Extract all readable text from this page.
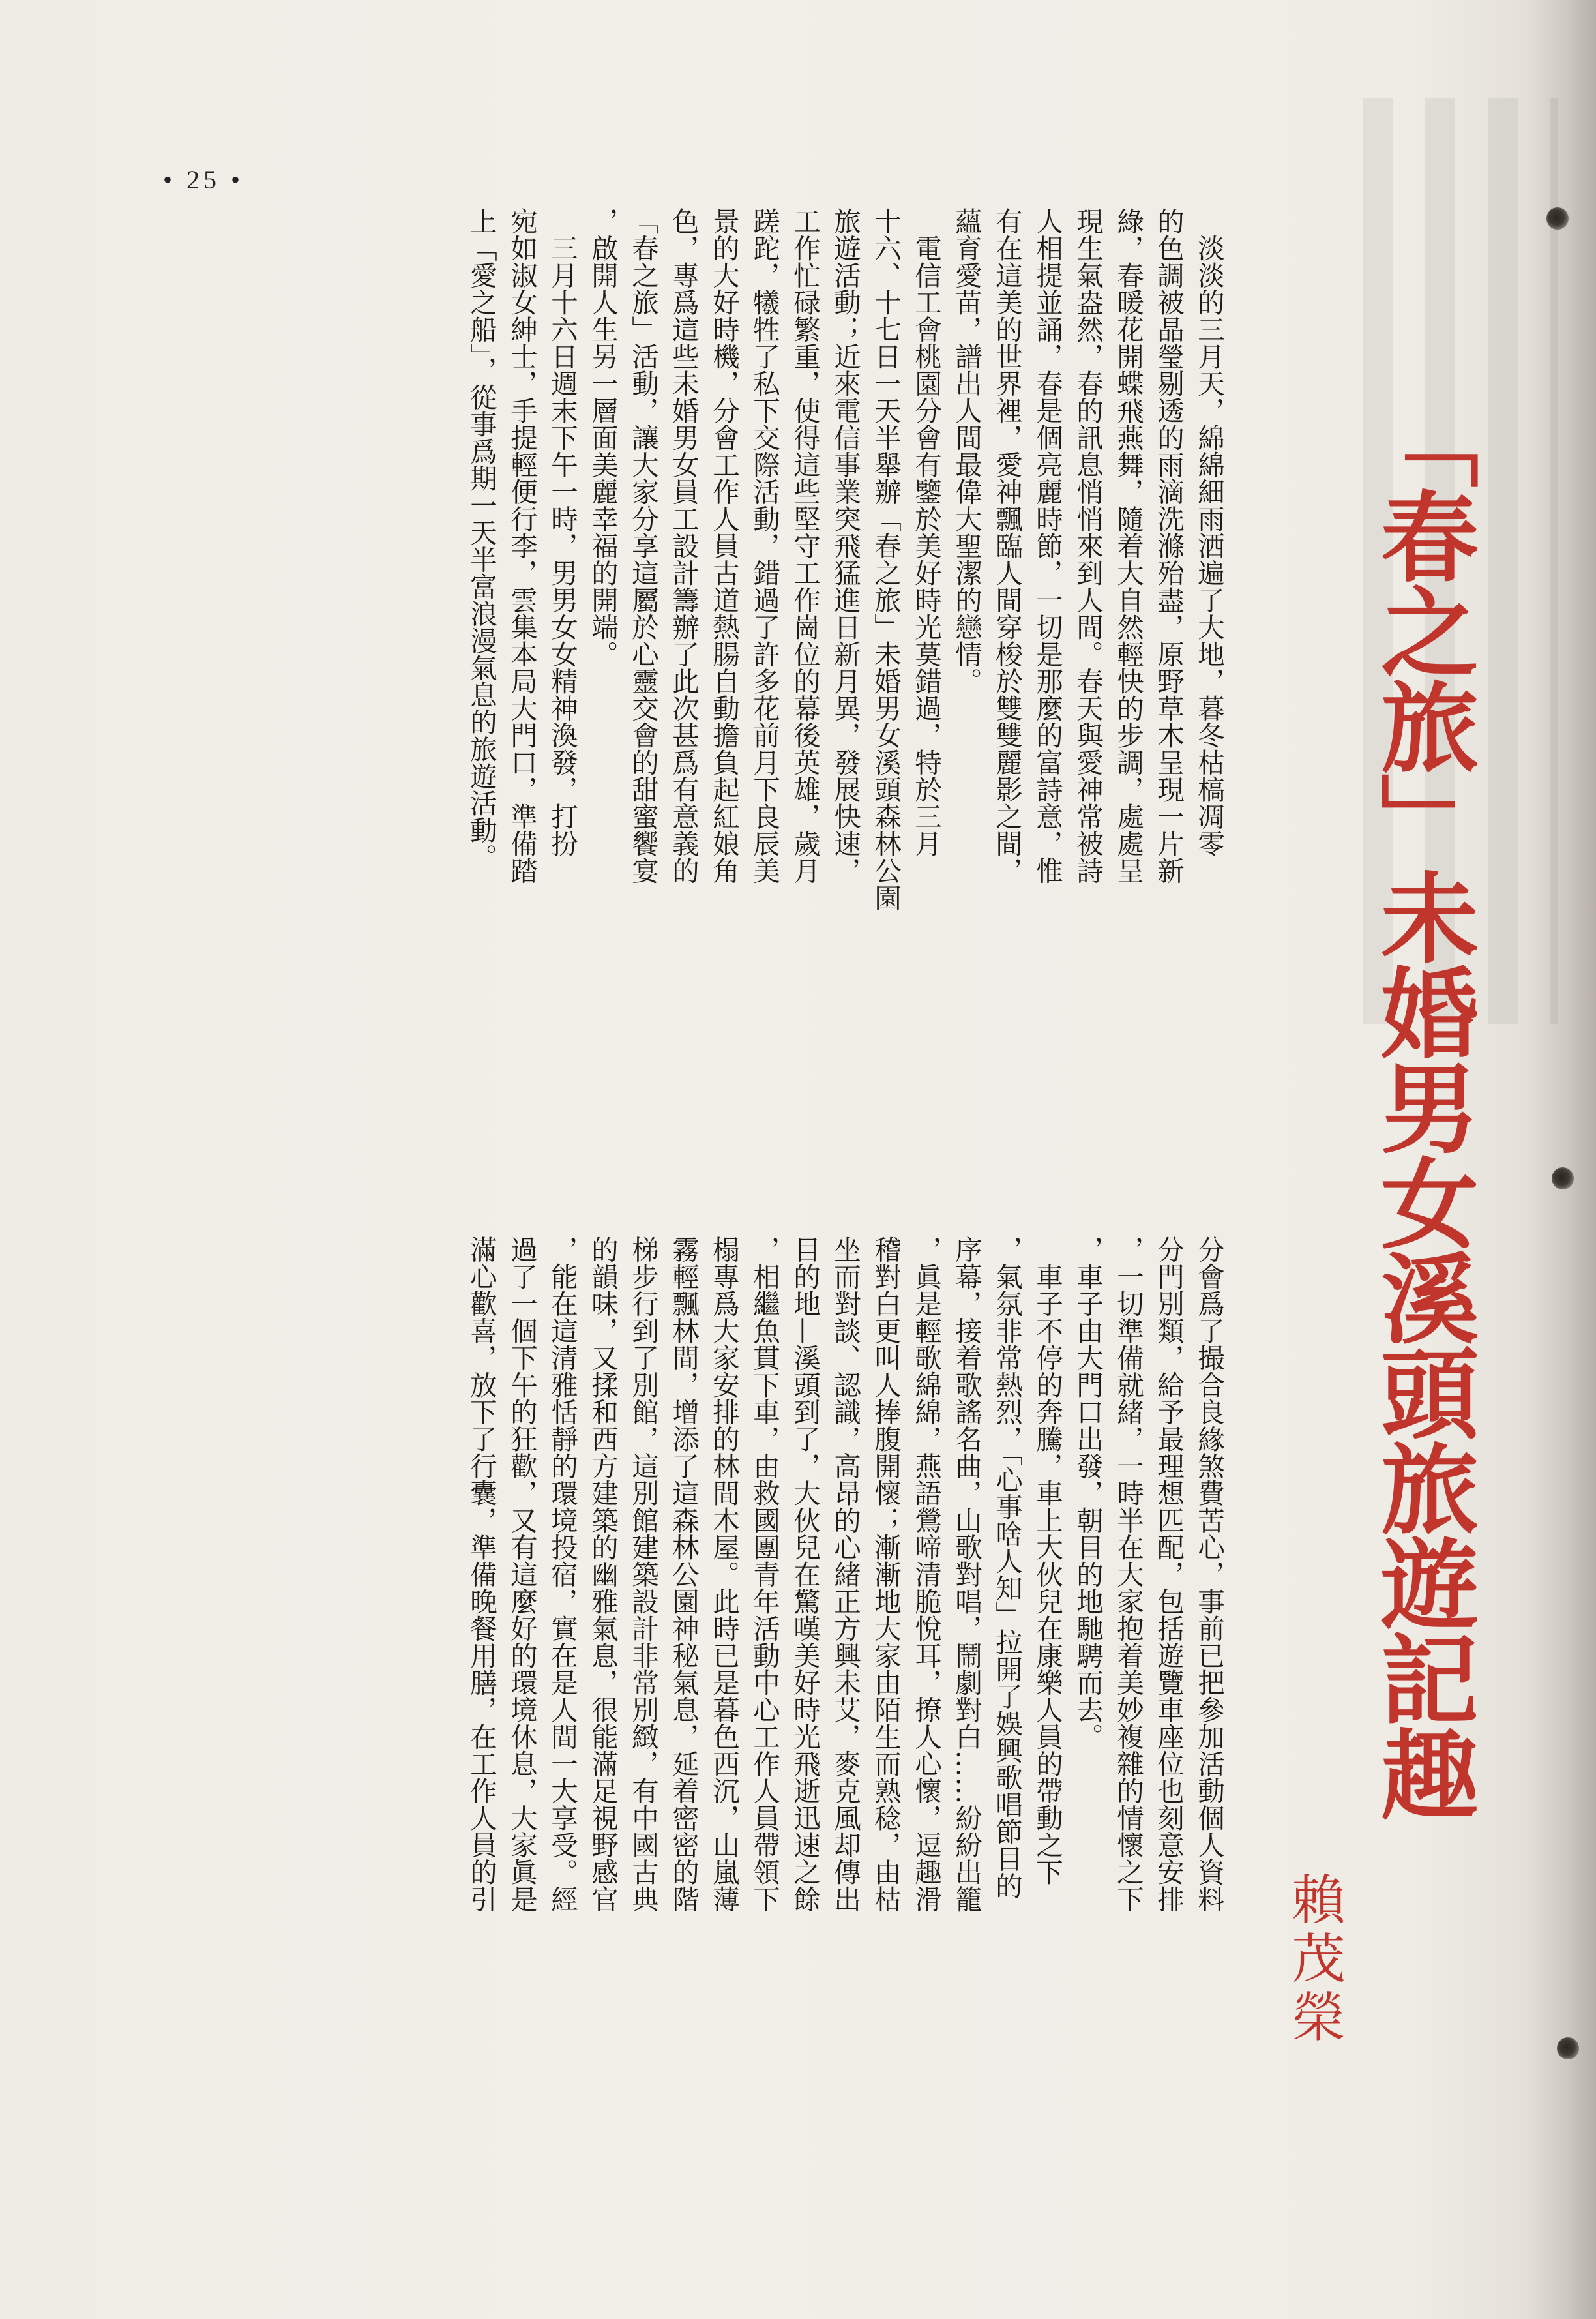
• 25 •
「春之旅」未婚男女溪頭旅遊記趣
賴茂榮

　淡淡的三月天，綿綿細雨洒遍了大地，暮冬枯槁凋零
的色調被晶瑩剔透的雨滴洗滌殆盡，原野草木呈現一片新
綠，春暖花開蝶飛燕舞，隨着大自然輕快的步調，處處呈
現生氣盎然，春的訊息悄悄來到人間。春天與愛神常被詩
人相提並誦，春是個亮麗時節，一切是那麼的富詩意，惟
有在這美的世界裡，愛神飄臨人間穿梭於雙雙麗影之間，
蘊育愛苗，譜出人間最偉大聖潔的戀情。

　電信工會桃園分會有鑒於美好時光莫錯過，特於三月
十六、十七日一天半舉辦「春之旅」未婚男女溪頭森林公園
旅遊活動；近來電信事業突飛猛進日新月異，發展快速，
工作忙碌繁重，使得這些堅守工作崗位的幕後英雄，歲月
蹉跎，犧牲了私下交際活動，錯過了許多花前月下良辰美
景的大好時機，分會工作人員古道熱腸自動擔負起紅娘角
色，專爲這些未婚男女員工設計籌辦了此次甚爲有意義的
「春之旅」活動，讓大家分享這屬於心靈交會的甜蜜饗宴
，啟開人生另一層面美麗幸福的開端。

　三月十六日週末下午一時，男男女女精神渙發，打扮
宛如淑女紳士，手提輕便行李，雲集本局大門口，準備踏
上「愛之船」，從事爲期一天半富浪漫氣息的旅遊活動。

分會爲了撮合良緣煞費苦心，事前已把參加活動個人資料
分門別類，給予最理想匹配，包括遊覽車座位也刻意安排
，一切準備就緒，一時半在大家抱着美妙複雜的情懷之下
，車子由大門口出發，朝目的地馳騁而去。

　車子不停的奔騰，車上大伙兒在康樂人員的帶動之下
，氣氛非常熱烈，「心事啥人知」拉開了娛興歌唱節目的
序幕，接着歌謠名曲，山歌對唱，鬧劇對白……紛紛出籠
，眞是輕歌綿綿，燕語鶯啼清脆悅耳，撩人心懷，逗趣滑
稽對白更叫人捧腹開懷；漸漸地大家由陌生而熟稔，由枯
坐而對談、認識，高昂的心緒正方興未艾，麥克風却傳出
目的地—溪頭到了，大伙兒在驚嘆美好時光飛逝迅速之餘
，相繼魚貫下車，由救國團青年活動中心工作人員帶領下
榻專爲大家安排的林間木屋。此時已是暮色西沉，山嵐薄
霧輕飄林間，增添了這森林公園神秘氣息，延着密密的階
梯步行到了別館，這別館建築設計非常別緻，有中國古典
的韻味，又揉和西方建築的幽雅氣息，很能滿足視野感官
，能在這清雅恬靜的環境投宿，實在是人間一大享受。經
過了一個下午的狂歡，又有這麼好的環境休息，大家眞是
滿心歡喜，放下了行囊，準備晚餐用膳，在工作人員的引
